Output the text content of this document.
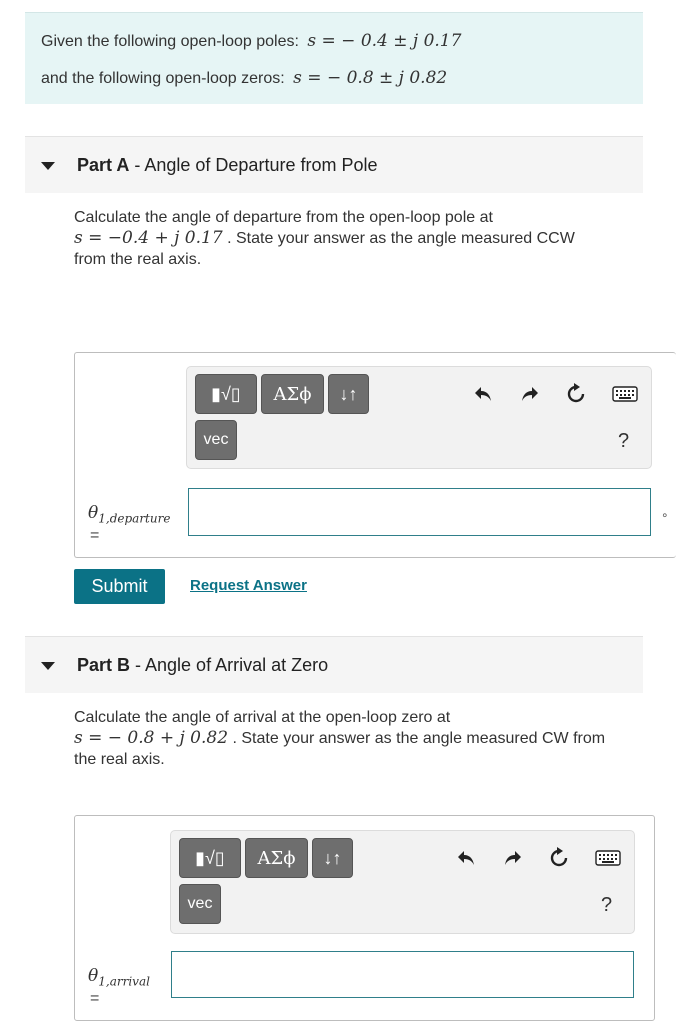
Given the following open-loop poles: s = − 0.4 ± j 0.17
and the following open-loop zeros: s = − 0.8 ± j 0.82
Part A - Angle of Departure from Pole
Calculate the angle of departure from the open-loop pole at
s = −0.4 + j 0.17 . State your answer as the angle measured CCW
from the real axis.
▮√▯ ΑΣϕ ↓↑
vec	?
$\theta_{1,departure}$
=
∘
Submit	Request Answer
Part B - Angle of Arrival at Zero
Calculate the angle of arrival at the open-loop zero at
s = − 0.8 + j 0.82 . State your answer as the angle measured CW from
the real axis.
▮√▯ ΑΣϕ ↓↑
vec	?
$\theta_{1,arrival}$
=
